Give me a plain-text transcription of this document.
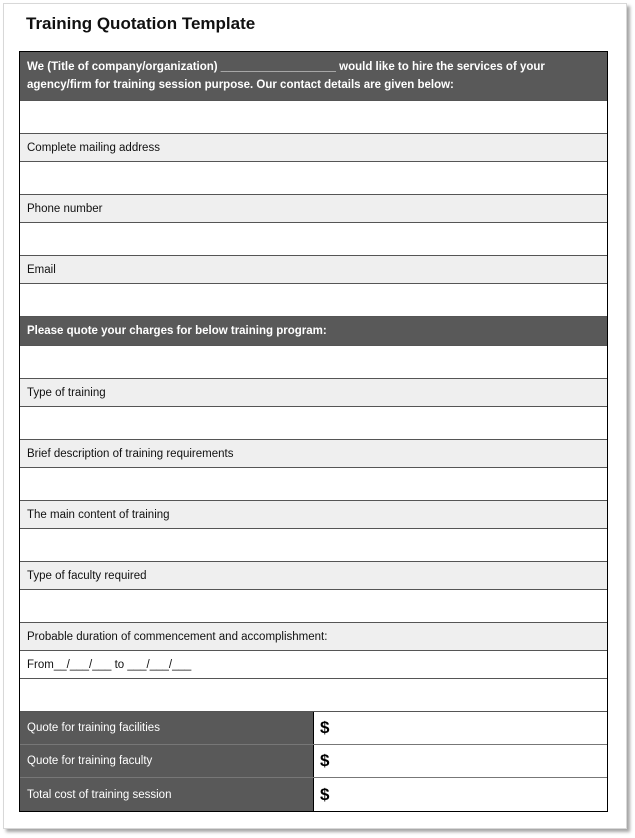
Training Quotation Template
We (Title of company/organization) __________________ would like to hire the services of your agency/firm for training session purpose. Our contact details are given below:
Complete mailing address
Phone number
Email
Please quote your charges for below training program:
Type of training
Brief description of training requirements
The main content of training
Type of faculty required
Probable duration of commencement and accomplishment:
From__/___/___ to ___/___/___
Quote for training facilities	$
Quote for training faculty	$
Total cost of training session	$
